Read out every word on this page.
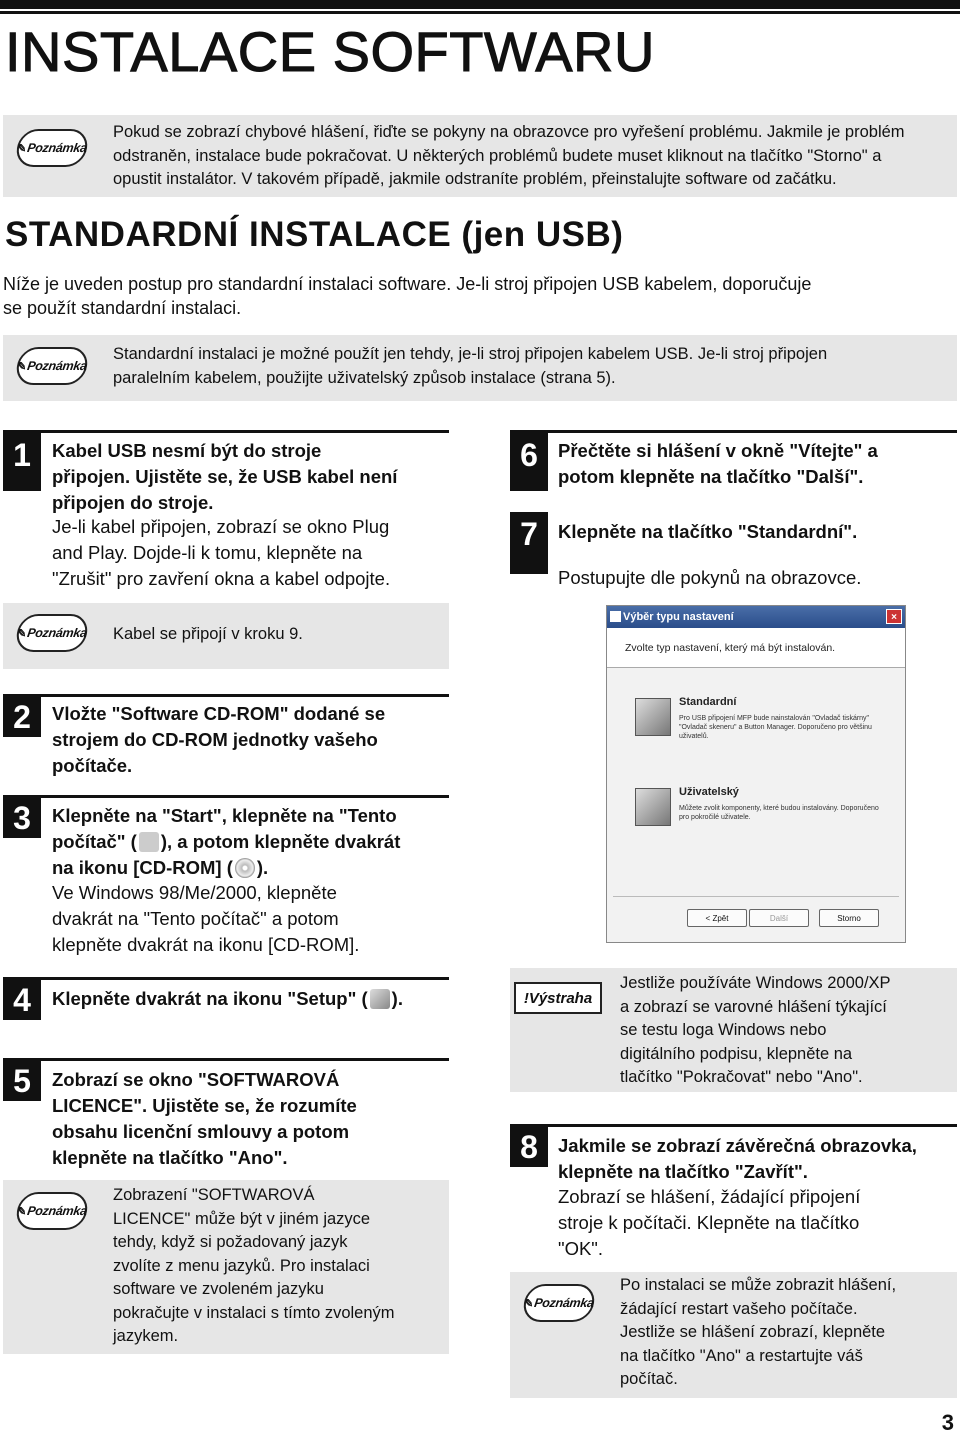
INSTALACE SOFTWARU
✎ Poznámka
Pokud se zobrazí chybové hlášení, řiďte se pokyny na obrazovce pro vyřešení problému. Jakmile je problém
odstraněn, instalace bude pokračovat. U některých problémů budete muset kliknout na tlačítko "Storno" a
opustit instalátor. V takovém případě, jakmile odstraníte problém, přeinstalujte software od začátku.
STANDARDNÍ INSTALACE (jen USB)
Níže je uveden postup pro standardní instalaci software. Je-li stroj připojen USB kabelem, doporučuje
se použít standardní instalaci.
✎ Poznámka
Standardní instalaci je možné použít jen tehdy, je-li stroj připojen kabelem USB. Je-li stroj připojen
paralelním kabelem, použijte uživatelský způsob instalace (strana 5).
1	Kabel USB nesmí být do stroje
připojen. Ujistěte se, že USB kabel není
připojen do stroje.
Je-li kabel připojen, zobrazí se okno Plug
and Play. Dojde-li k tomu, klepněte na
"Zrušit" pro zavření okna a kabel odpojte.
✎ Poznámka Kabel se připojí v kroku 9.
2	Vložte "Software CD-ROM" dodané se
strojem do CD-ROM jednotky vašeho
počítače.
3	Klepněte na "Start", klepněte na "Tento
počítač" ( ), a potom klepněte dvakrát
na ikonu [CD-ROM] ( ).
Ve Windows 98/Me/2000, klepněte
dvakrát na "Tento počítač" a potom
klepněte dvakrát na ikonu [CD-ROM].
4	Klepněte dvakrát na ikonu "Setup" ( ).
5	Zobrazí se okno "SOFTWAROVÁ
LICENCE". Ujistěte se, že rozumíte
obsahu licenční smlouvy a potom
klepněte na tlačítko "Ano".
✎ Poznámka
Zobrazení "SOFTWAROVÁ
LICENCE" může být v jiném jazyce
tehdy, když si požadovaný jazyk
zvolíte z menu jazyků. Pro instalaci
software ve zvoleném jazyku
pokračujte v instalaci s tímto zvoleným
jazykem.
6	Přečtěte si hlášení v okně "Vítejte" a
potom klepněte na tlačítko "Další".
7	Klepněte na tlačítko "Standardní".
Postupujte dle pokynů na obrazovce.
Výběr typu nastavení	×
Zvolte typ nastavení, který má být instalován.
Standardní
Pro USB připojení MFP bude nainstalován "Ovladač tiskárny" "Ovladač skeneru" a Button Manager. Doporučeno pro většinu uživatelů.
Uživatelský
Můžete zvolit komponenty, které budou instalovány. Doporučeno pro pokročilé uživatele.
< Zpět	Další	Storno
! Výstraha
Jestliže používáte Windows 2000/XP
a zobrazí se varovné hlášení týkající
se testu loga Windows nebo
digitálního podpisu, klepněte na
tlačítko "Pokračovat" nebo "Ano".
8	Jakmile se zobrazí závěrečná obrazovka,
klepněte na tlačítko "Zavřít".
Zobrazí se hlášení, žádající připojení
stroje k počítači. Klepněte na tlačítko
"OK".
✎ Poznámka
Po instalaci se může zobrazit hlášení,
žádající restart vašeho počítače.
Jestliže se hlášení zobrazí, klepněte
na tlačítko "Ano" a restartujte váš
počítač.
3
